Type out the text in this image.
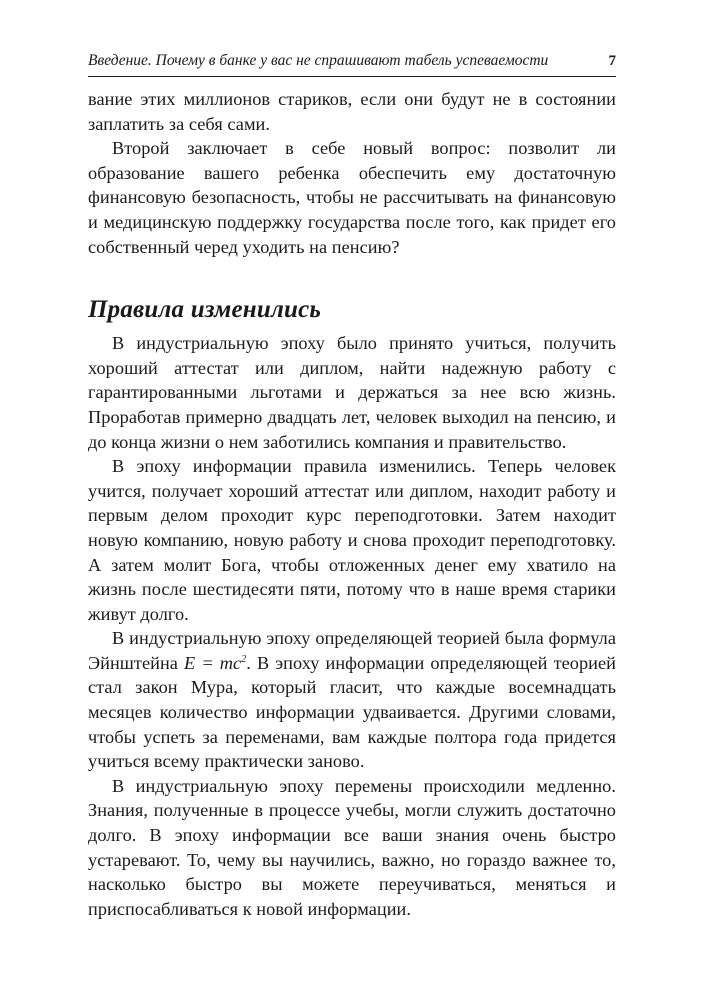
Введение. Почему в банке у вас не спрашивают табель успеваемости	7

вание этих миллионов стариков, если они будут не в состоянии заплатить за себя сами.

Второй заключает в себе новый вопрос: позволит ли образование вашего ребенка обеспечить ему достаточную финансовую безопасность, чтобы не рассчитывать на финансовую и медицинскую поддержку государства после того, как придет его собственный черед уходить на пенсию?

Правила изменились

В индустриальную эпоху было принято учиться, получить хороший аттестат или диплом, найти надежную работу с гарантированными льготами и держаться за нее всю жизнь. Проработав примерно двадцать лет, человек выходил на пенсию, и до конца жизни о нем заботились компания и правительство.

В эпоху информации правила изменились. Теперь человек учится, получает хороший аттестат или диплом, находит работу и первым делом проходит курс переподготовки. Затем находит новую компанию, новую работу и снова проходит переподготовку. А затем молит Бога, чтобы отложенных денег ему хватило на жизнь после шестидесяти пяти, потому что в наше время старики живут долго.

В индустриальную эпоху определяющей теорией была формула Эйнштейна $E = mc^2$. В эпоху информации определяющей теорией стал закон Мура, который гласит, что каждые восемнадцать месяцев количество информации удваивается. Другими словами, чтобы успеть за переменами, вам каждые полтора года придется учиться всему практически заново.

В индустриальную эпоху перемены происходили медленно. Знания, полученные в процессе учебы, могли служить достаточно долго. В эпоху информации все ваши знания очень быстро устаревают. То, чему вы научились, важно, но гораздо важнее то, насколько быстро вы можете переучиваться, меняться и приспосабливаться к новой информации.
